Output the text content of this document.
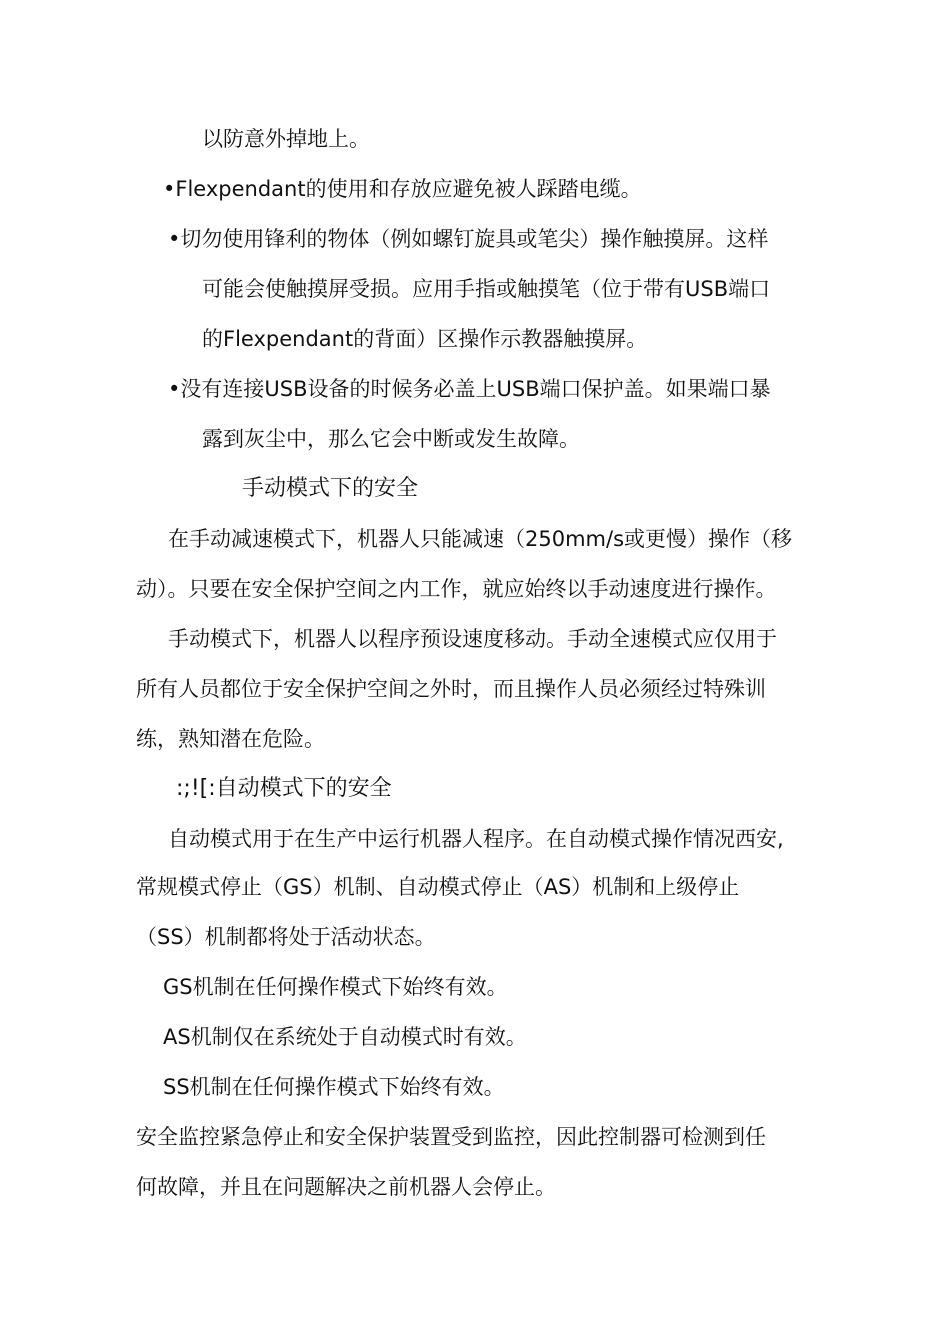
以防意外掉地上。
•Flexpendant的使用和存放应避免被人踩踏电缆。
•切勿使用锋利的物体（例如螺钉旋具或笔尖）操作触摸屏。这样
可能会使触摸屏受损。应用手指或触摸笔（位于带有USB端口
的Flexpendant的背面）区操作示教器触摸屏。
•没有连接USB设备的时候务必盖上USB端口保护盖。如果端口暴
露到灰尘中，那么它会中断或发生故障。
手动模式下的安全
在手动减速模式下，机器人只能减速（250mm/s或更慢）操作（移
动）。只要在安全保护空间之内工作，就应始终以手动速度进行操作。
手动模式下，机器人以程序预设速度移动。手动全速模式应仅用于
所有人员都位于安全保护空间之外时，而且操作人员必须经过特殊训
练，熟知潜在危险。
:;![:自动模式下的安全
自动模式用于在生产中运行机器人程序。在自动模式操作情况西安,
常规模式停止（GS）机制、自动模式停止（AS）机制和上级停止
（SS）机制都将处于活动状态。
GS机制在任何操作模式下始终有效。
AS机制仅在系统处于自动模式时有效。
SS机制在任何操作模式下始终有效。
安全监控紧急停止和安全保护装置受到监控，因此控制器可检测到任
何故障，并且在问题解决之前机器人会停止。
